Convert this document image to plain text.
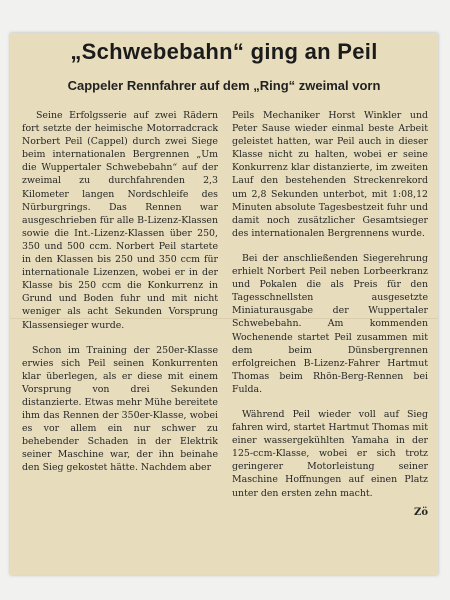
„Schwebebahn“ ging an Peil
Cappeler Rennfahrer auf dem „Ring“ zweimal vorn

Seine Erfolgsserie auf zwei Rädern fort setzte der heimische Motorradcrack Norbert Peil (Cappel) durch zwei Siege beim internationalen Bergrennen „Um die Wuppertaler Schwebebahn“ auf der zweimal zu durchfahrenden 2,3 Kilometer langen Nordschleife des Nürburgrings. Das Rennen war ausgeschrieben für alle B-Lizenz-Klassen sowie die Int.-Lizenz-Klassen über 250, 350 und 500 ccm. Norbert Peil startete in den Klassen bis 250 und 350 ccm für internationale Lizenzen, wobei er in der Klasse bis 250 ccm die Konkurrenz in Grund und Boden fuhr und mit nicht weniger als acht Sekunden Vorsprung Klassensieger wurde.

Schon im Training der 250er-Klasse erwies sich Peil seinen Konkurrenten klar überlegen, als er diese mit einem Vorsprung von drei Sekunden distanzierte. Etwas mehr Mühe bereitete ihm das Rennen der 350er-Klasse, wobei es vor allem ein nur schwer zu behebender Schaden in der Elektrik seiner Maschine war, der ihn beinahe den Sieg gekostet hätte. Nachdem aber

Peils Mechaniker Horst Winkler und Peter Sause wieder einmal beste Arbeit geleistet hatten, war Peil auch in dieser Klasse nicht zu halten, wobei er seine Konkurrenz klar distanzierte, im zweiten Lauf den bestehenden Streckenrekord um 2,8 Sekunden unterbot, mit 1:08,12 Minuten absolute Tagesbestzeit fuhr und damit noch zusätzlicher Gesamtsieger des internationalen Bergrennens wurde.

Bei der anschließenden Siegerehrung erhielt Norbert Peil neben Lorbeerkranz und Pokalen die als Preis für den Tagesschnellsten ausgesetzte Miniaturausgabe der Wuppertaler Schwebebahn. Am kommenden Wochenende startet Peil zusammen mit dem beim Dünsbergrennen erfolgreichen B-Lizenz-Fahrer Hartmut Thomas beim Rhön-Berg-Rennen bei Fulda.

Während Peil wieder voll auf Sieg fahren wird, startet Hartmut Thomas mit einer wassergekühlten Yamaha in der 125-ccm-Klasse, wobei er sich trotz geringerer Motorleistung seiner Maschine Hoffnungen auf einen Platz unter den ersten zehn macht.

Zö
